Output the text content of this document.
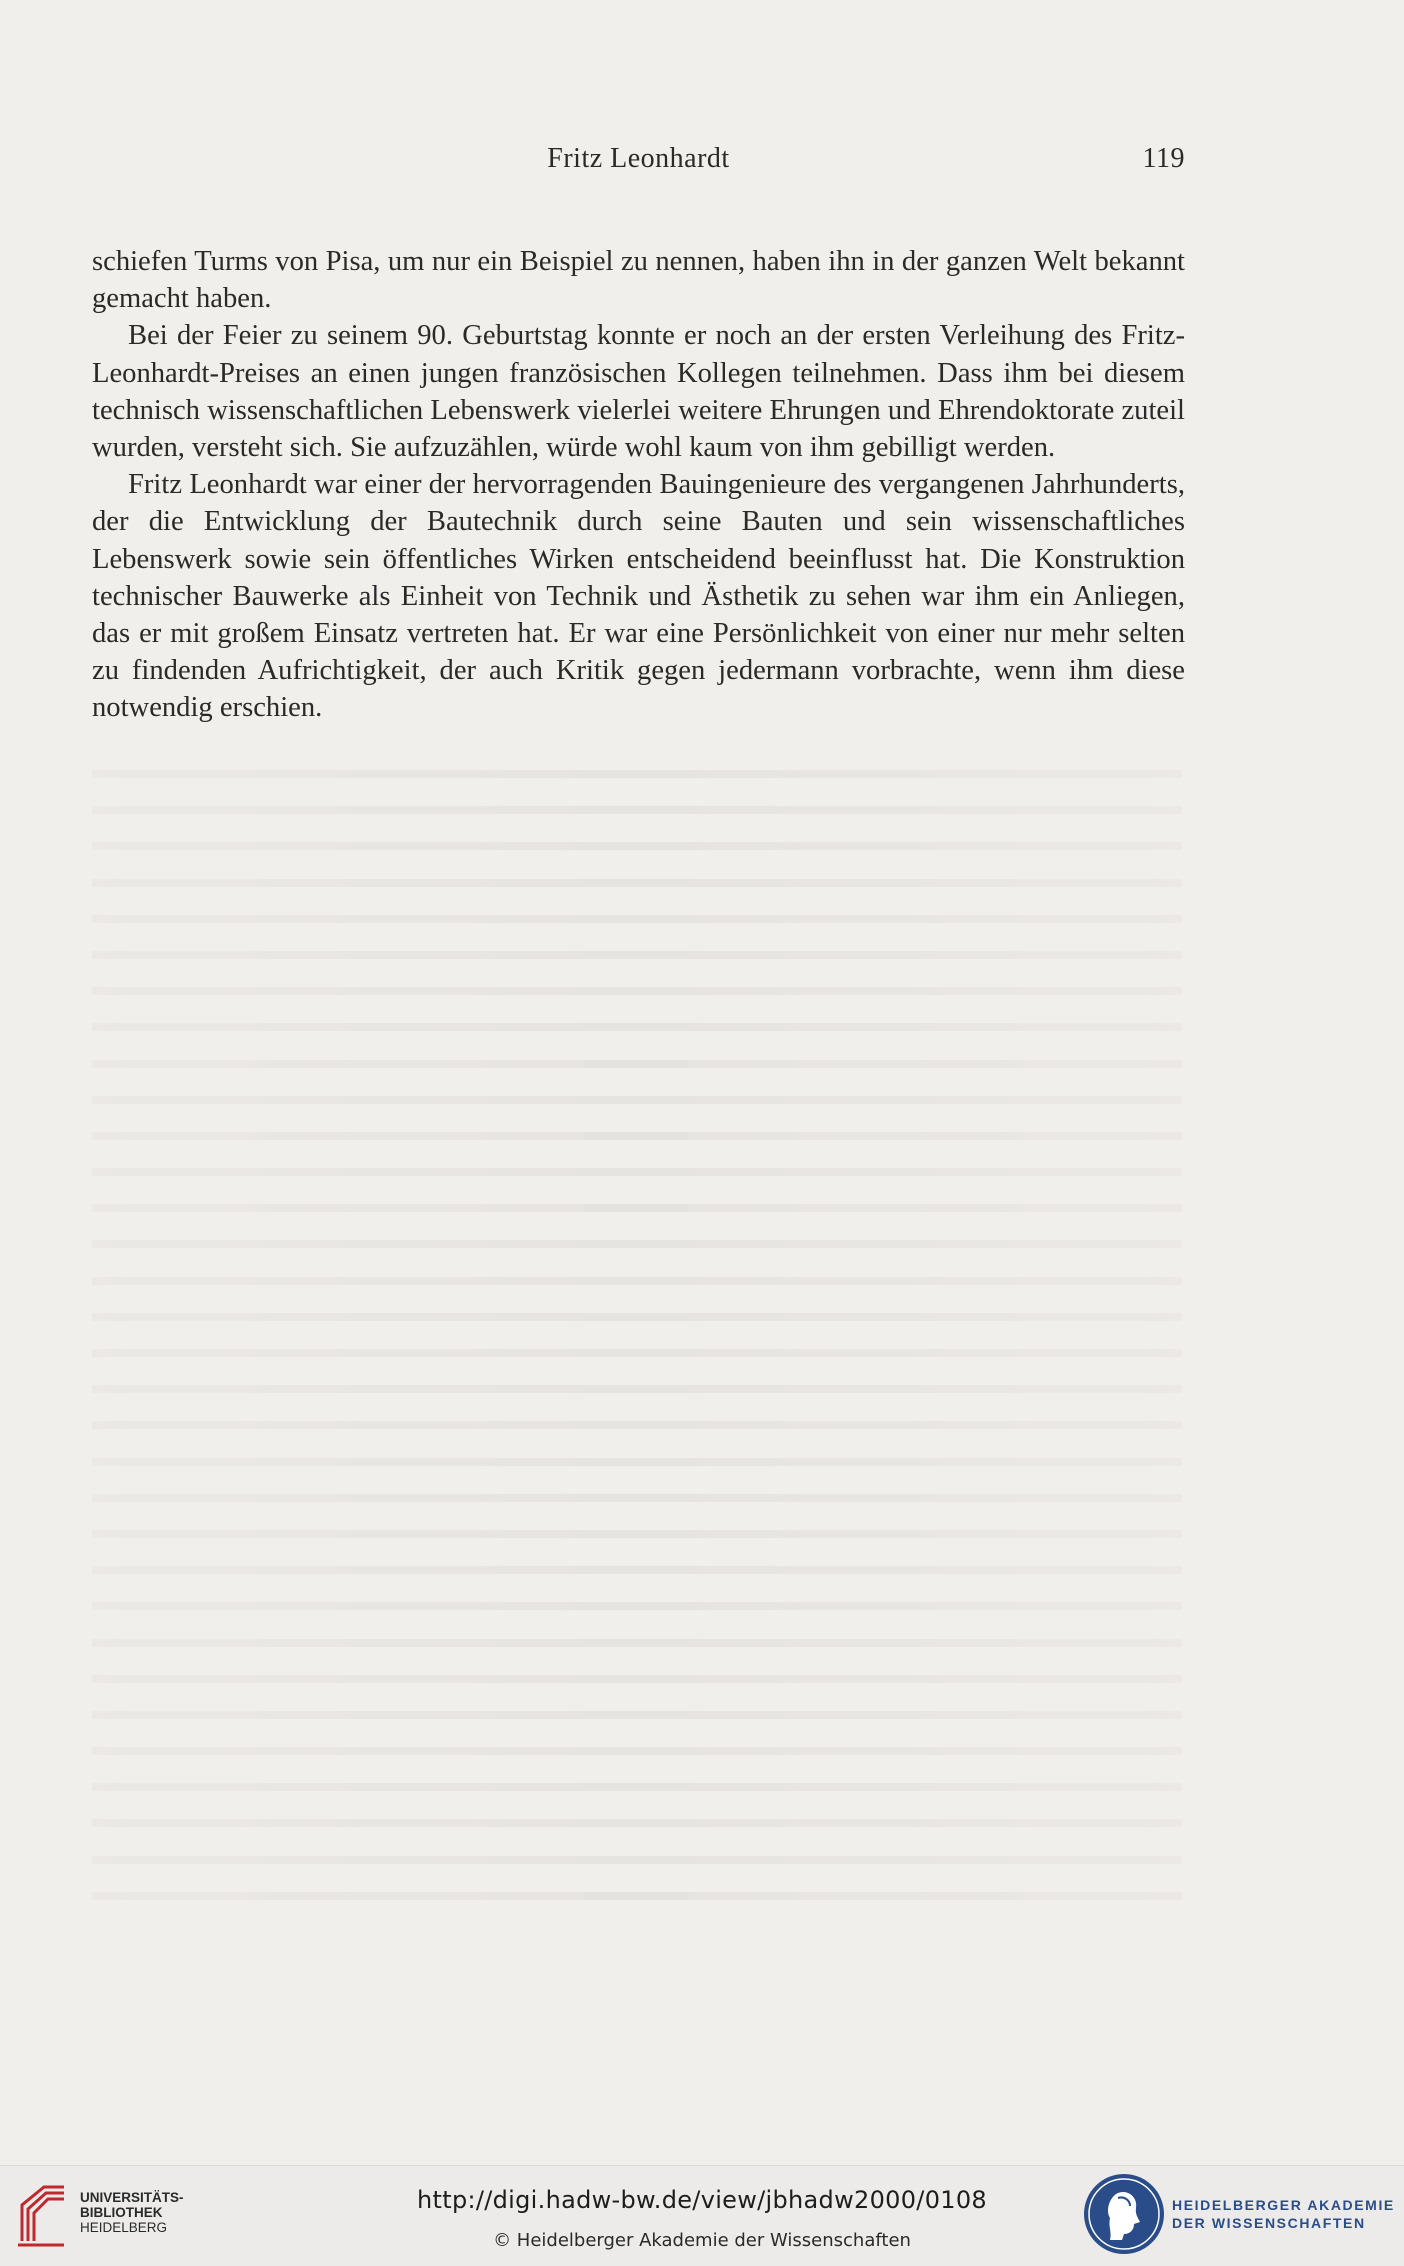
Fritz Leonhardt	119

schiefen Turms von Pisa, um nur ein Beispiel zu nennen, haben ihn in der ganzen Welt bekannt gemacht haben.

Bei der Feier zu seinem 90. Geburtstag konnte er noch an der ersten Verleihung des Fritz-Leonhardt-Preises an einen jungen französischen Kollegen teilnehmen. Dass ihm bei diesem technisch wissenschaftlichen Lebenswerk vielerlei weitere Ehrungen und Ehrendoktorate zuteil wurden, versteht sich. Sie aufzuzählen, würde wohl kaum von ihm gebilligt werden.

Fritz Leonhardt war einer der hervorragenden Bauingenieure des vergangenen Jahrhunderts, der die Entwicklung der Bautechnik durch seine Bauten und sein wissenschaftliches Lebenswerk sowie sein öffentliches Wirken entscheidend beeinflusst hat. Die Konstruktion technischer Bauwerke als Einheit von Technik und Ästhetik zu sehen war ihm ein Anliegen, das er mit großem Einsatz vertreten hat. Er war eine Persönlichkeit von einer nur mehr selten zu findenden Aufrichtigkeit, der auch Kritik gegen jedermann vorbrachte, wenn ihm diese notwendig erschien.

UNIVERSITÄTS-
BIBLIOTHEK
HEIDELBERG
http://digi.hadw-bw.de/view/jbhadw2000/0108
© Heidelberger Akademie der Wissenschaften
HEIDELBERGER AKADEMIE
DER WISSENSCHAFTEN
